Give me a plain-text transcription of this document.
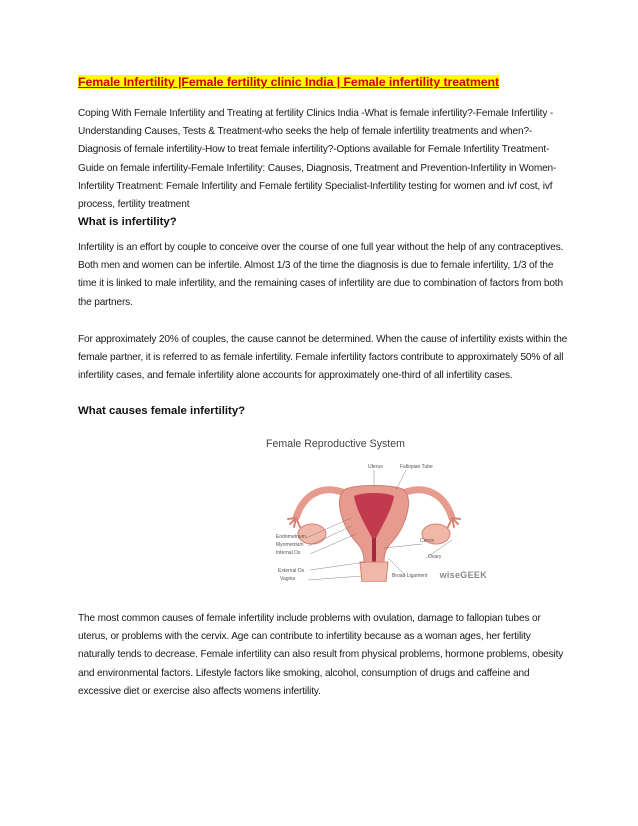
Female Infertility |Female fertility clinic India | Female infertility treatment
Coping With Female Infertility and Treating at fertility Clinics India -What is female infertility?-Female Infertility - Understanding Causes, Tests & Treatment-who seeks the help of female infertility treatments and when?-Diagnosis of female infertility-How to treat female infertility?-Options available for Female Infertility Treatment-Guide on female infertility-Female Infertility: Causes, Diagnosis, Treatment and Prevention-Infertility in Women-Infertility Treatment: Female Infertility and Female fertility Specialist-Infertility testing for women and ivf cost, ivf process, fertility treatment
What is infertility?
Infertility is an effort by couple to conceive over the course of one full year without the help of any contraceptives. Both men and women can be infertile. Almost 1/3 of the time the diagnosis is due to female infertility, 1/3 of the time it is linked to male infertility, and the remaining cases of infertility are due to combination of factors from both the partners.
For approximately 20% of couples, the cause cannot be determined. When the cause of infertility exists within the female partner, it is referred to as female infertility. Female infertility factors contribute to approximately 50% of all infertility cases, and female infertility alone accounts for approximately one-third of all infertility cases.
What causes female infertility?
Female Reproductive System
Uterus	Fallopian Tube
Endometrium
Myometrium
Internal Os
Cervix
Ovary
External Os
Broad Ligament
Vagina	wiseGEEK
The most common causes of female infertility include problems with ovulation, damage to fallopian tubes or uterus, or problems with the cervix. Age can contribute to infertility because as a woman ages, her fertility naturally tends to decrease. Female infertility can also result from physical problems, hormone problems, obesity and environmental factors. Lifestyle factors like smoking, alcohol, consumption of drugs and caffeine and excessive diet or exercise also affects womens infertility.
